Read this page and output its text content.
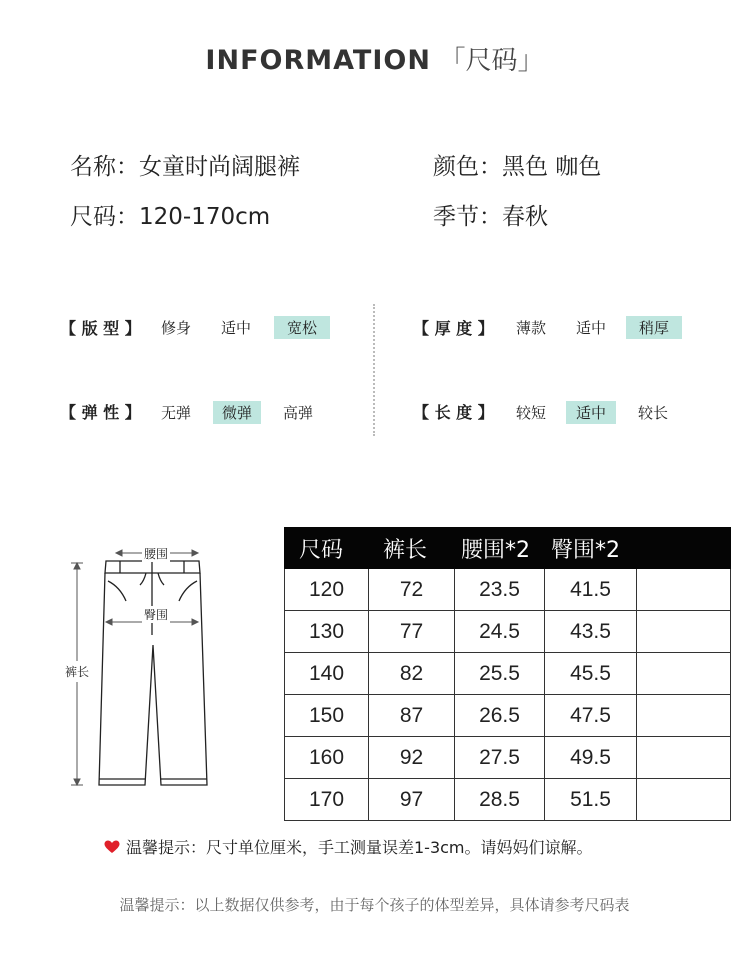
INFORMATION 「尺码」
名称：女童时尚阔腿裤
尺码：120-170cm
颜色：黑色 咖色
季节：春秋
【 版 型 】 修身 适中	宽松	【 厚 度 】 薄款 适中	稍厚
【 弹 性 】 无弹	微弹	高弹	【 长 度 】 较短	适中	较长
腰围
臀围
裤长
尺码	裤长	腰围*2	臀围*2	
120	72	23.5	41.5	
130	77	24.5	43.5	
140	82	25.5	45.5	
150	87	26.5	47.5	
160	92	27.5	49.5	
170	97	28.5	51.5	
温馨提示：尺寸单位厘米，手工测量误差1-3cm。请妈妈们谅解。
温馨提示：以上数据仅供参考，由于每个孩子的体型差异，具体请参考尺码表
